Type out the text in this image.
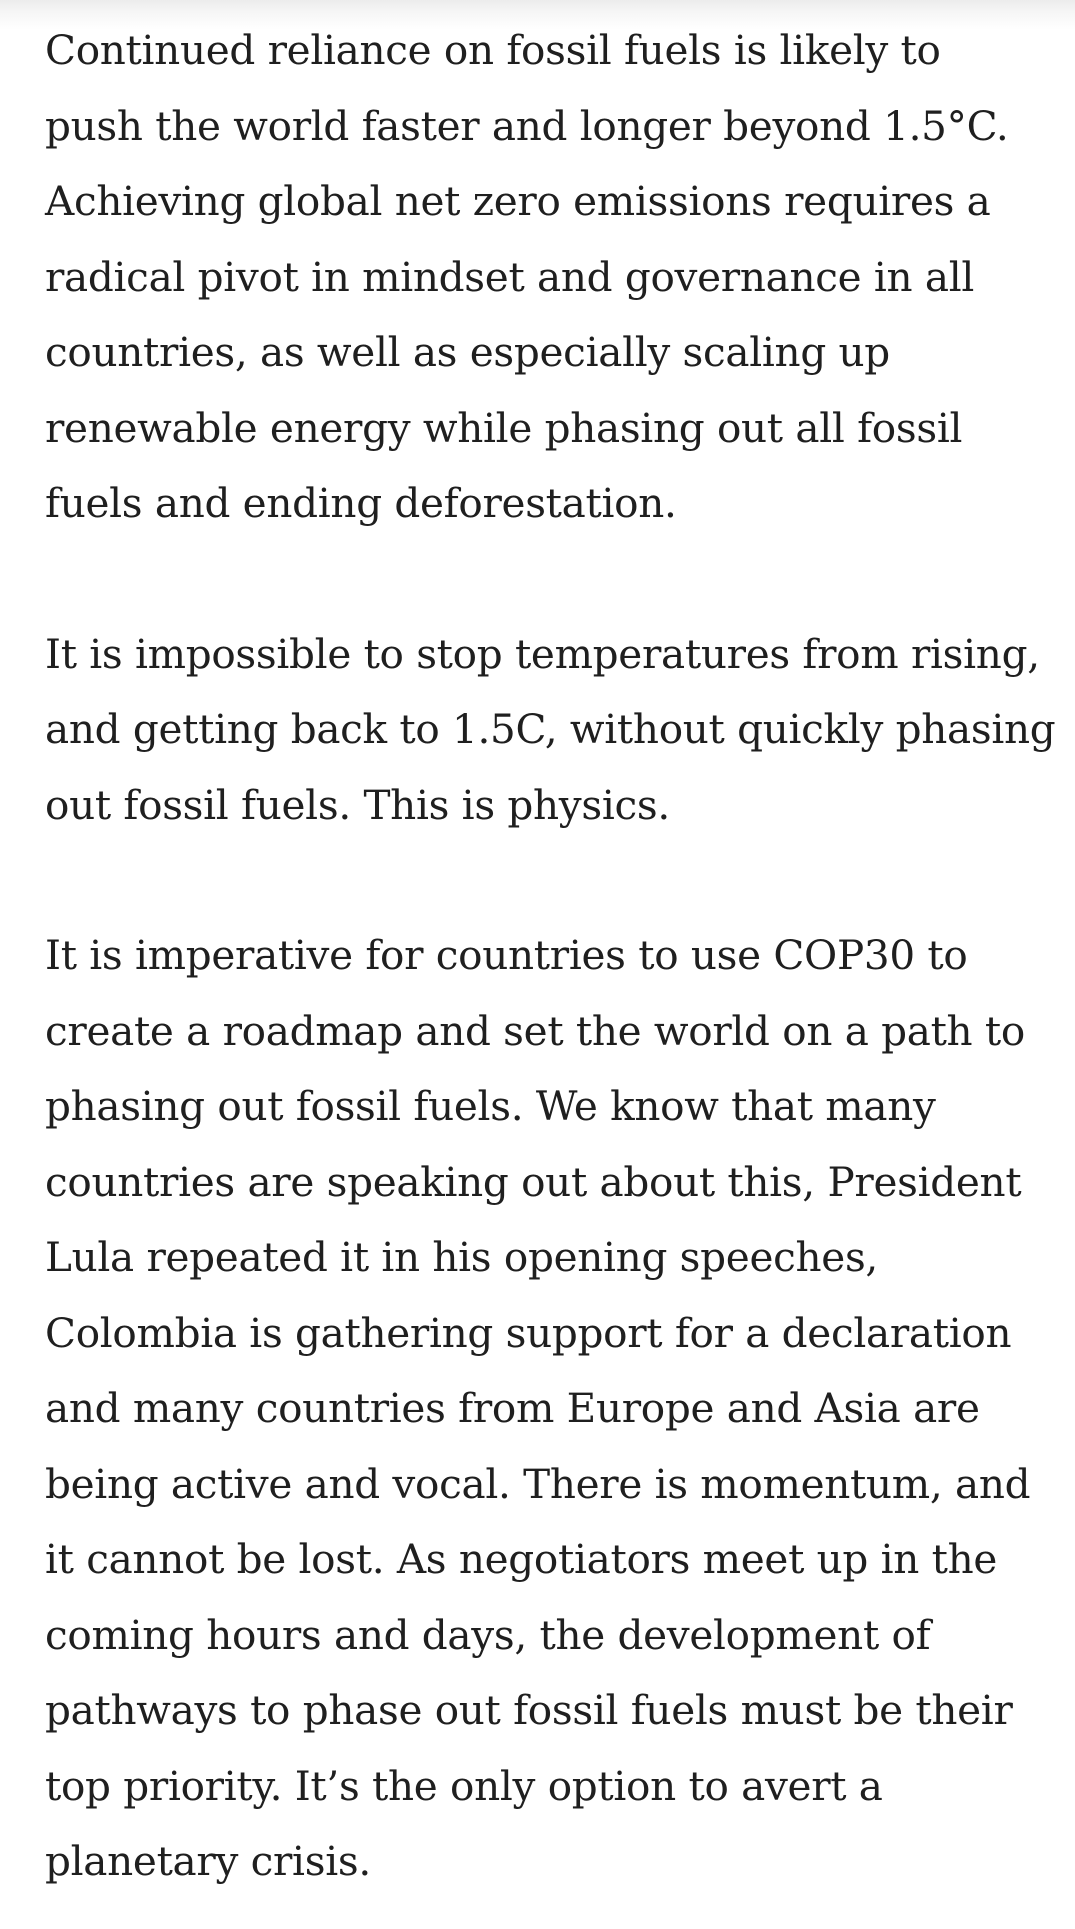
Continued reliance on fossil fuels is likely to
push the world faster and longer beyond 1.5°C.
Achieving global net zero emissions requires a
radical pivot in mindset and governance in all
countries, as well as especially scaling up
renewable energy while phasing out all fossil
fuels and ending deforestation.

It is impossible to stop temperatures from rising,
and getting back to 1.5C, without quickly phasing
out fossil fuels. This is physics.

It is imperative for countries to use COP30 to
create a roadmap and set the world on a path to
phasing out fossil fuels. We know that many
countries are speaking out about this, President
Lula repeated it in his opening speeches,
Colombia is gathering support for a declaration
and many countries from Europe and Asia are
being active and vocal. There is momentum, and
it cannot be lost. As negotiators meet up in the
coming hours and days, the development of
pathways to phase out fossil fuels must be their
top priority. It’s the only option to avert a
planetary crisis.
